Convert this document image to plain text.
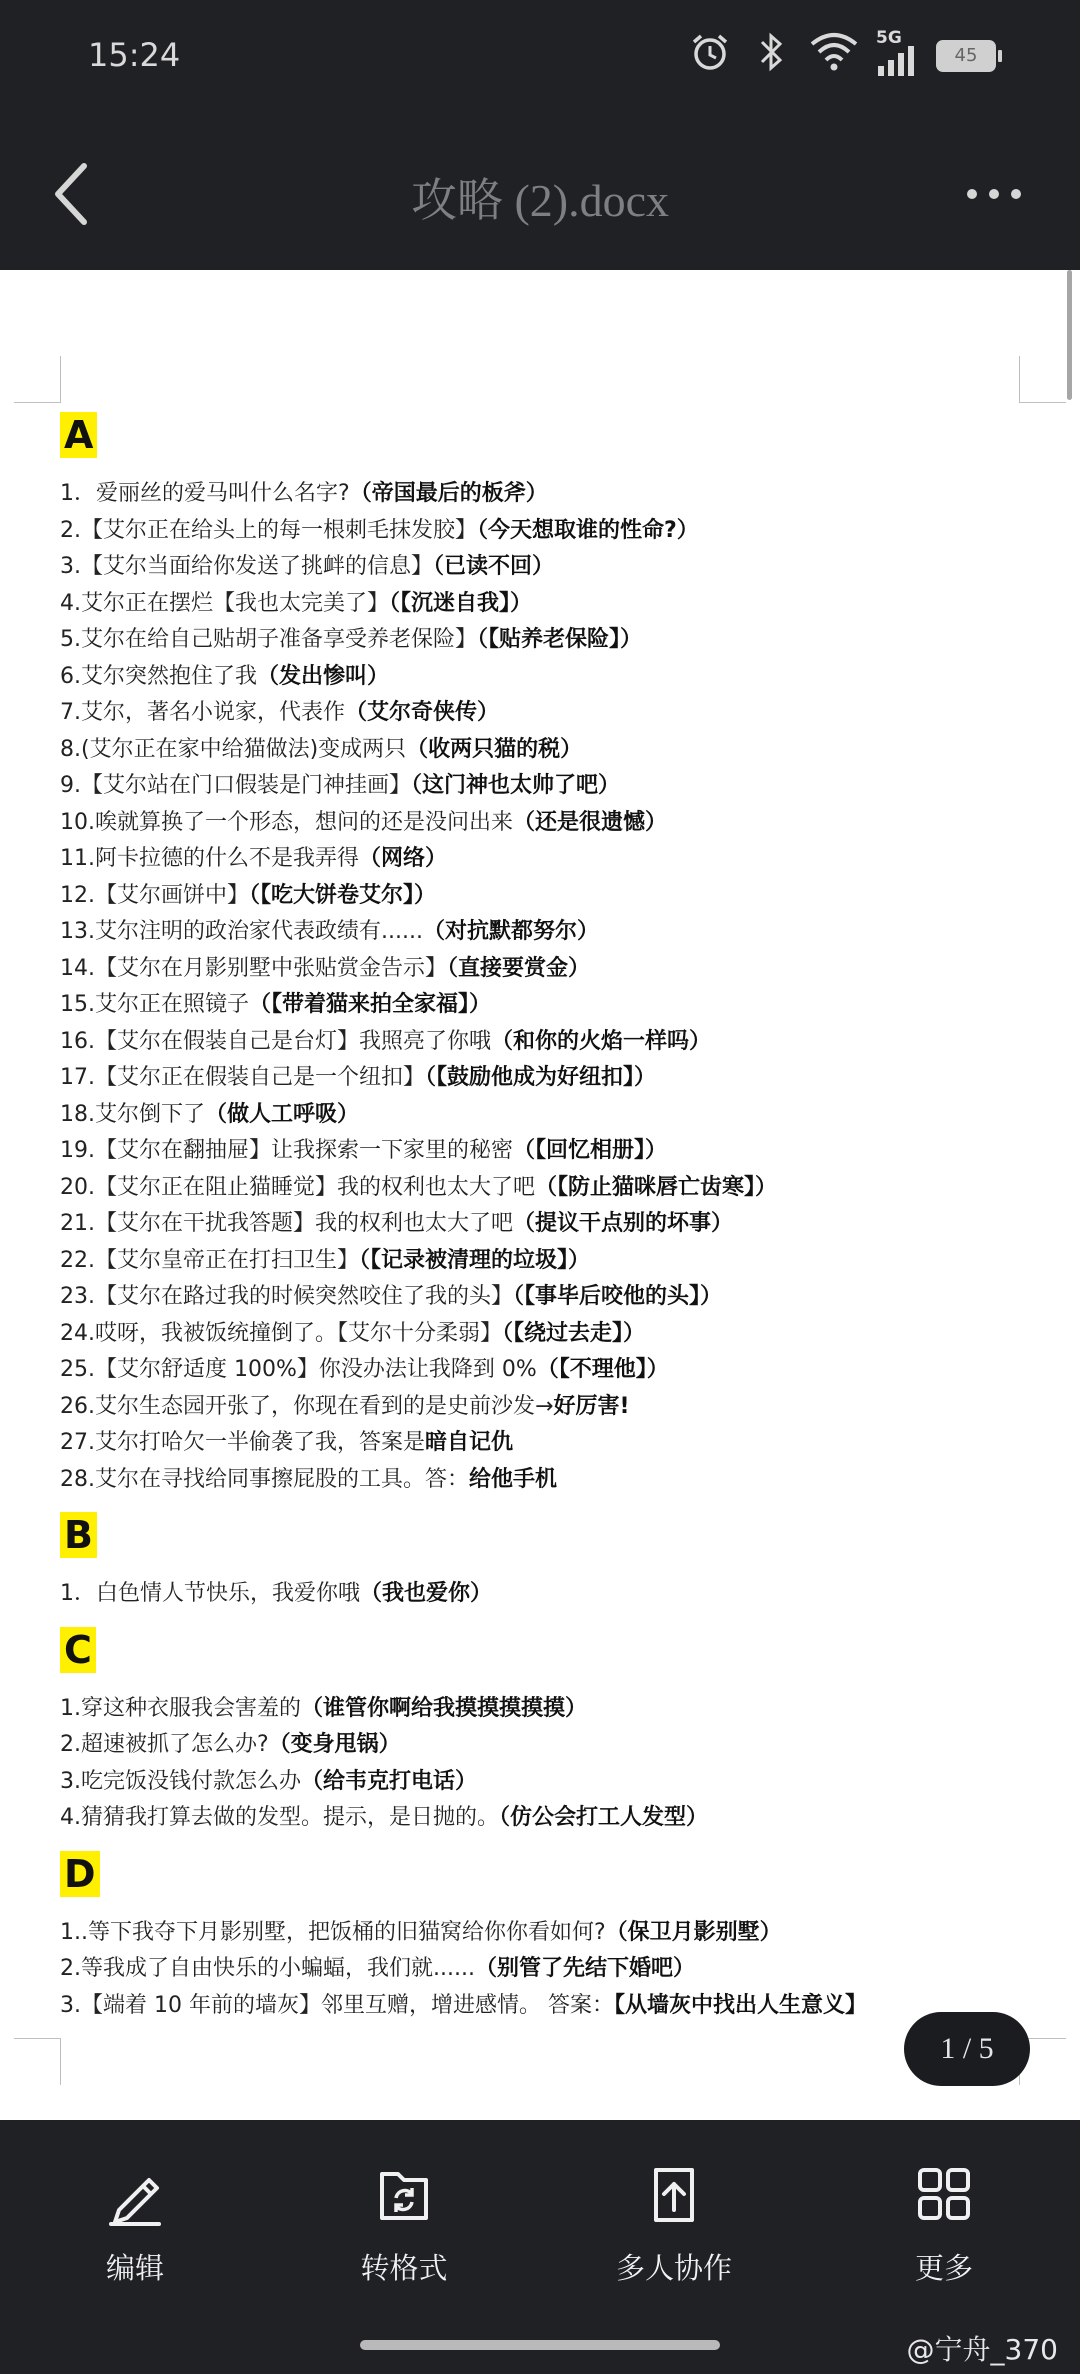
15:24	5G
45
攻略 (2).docx
A
1．爱丽丝的爱马叫什么名字?（帝国最后的板斧）
2.【艾尔正在给头上的每一根刺毛抹发胶】（今天想取谁的性命?）
3.【艾尔当面给你发送了挑衅的信息】（已读不回）
4.艾尔正在摆烂【我也太完美了】（【沉迷自我】）
5.艾尔在给自己贴胡子准备享受养老保险】（【贴养老保险】）
6.艾尔突然抱住了我（发出惨叫）
7.艾尔，著名小说家，代表作（艾尔奇侠传）
8.(艾尔正在家中给猫做法)变成两只（收两只猫的税）
9.【艾尔站在门口假装是门神挂画】（这门神也太帅了吧）
10.唉就算换了一个形态，想问的还是没问出来（还是很遗憾）
11.阿卡拉德的什么不是我弄得（网络）
12.【艾尔画饼中】（【吃大饼卷艾尔】）
13.艾尔注明的政治家代表政绩有......（对抗默都努尔）
14.【艾尔在月影别墅中张贴赏金告示】（直接要赏金）
15.艾尔正在照镜子（【带着猫来拍全家福】）
16.【艾尔在假装自己是台灯】我照亮了你哦（和你的火焰一样吗）
17.【艾尔正在假装自己是一个纽扣】（【鼓励他成为好纽扣】）
18.艾尔倒下了（做人工呼吸）
19.【艾尔在翻抽屉】让我探索一下家里的秘密（【回忆相册】）
20.【艾尔正在阻止猫睡觉】我的权利也太大了吧（【防止猫咪唇亡齿寒】）
21.【艾尔在干扰我答题】我的权利也太大了吧（提议干点别的坏事）
22.【艾尔皇帝正在打扫卫生】（【记录被清理的垃圾】）
23.【艾尔在路过我的时候突然咬住了我的头】（【事毕后咬他的头】）
24.哎呀，我被饭统撞倒了。【艾尔十分柔弱】（【绕过去走】）
25.【艾尔舒适度 100%】你没办法让我降到 0%（【不理他】）
26.艾尔生态园开张了，你现在看到的是史前沙发→好厉害!
27.艾尔打哈欠一半偷袭了我，答案是暗自记仇
28.艾尔在寻找给同事擦屁股的工具。答：给他手机
B
1．白色情人节快乐，我爱你哦（我也爱你）
C
1.穿这种衣服我会害羞的（谁管你啊给我摸摸摸摸摸）
2.超速被抓了怎么办?（变身甩锅）
3.吃完饭没钱付款怎么办（给韦克打电话）
4.猜猜我打算去做的发型。提示，是日抛的。（仿公会打工人发型）
D
1..等下我夺下月影别墅，把饭桶的旧猫窝给你你看如何?（保卫月影别墅）
2.等我成了自由快乐的小蝙蝠，我们就......（别管了先结下婚吧）
3.【端着 10 年前的墙灰】邻里互赠，增进感情。 答案：【从墙灰中找出人生意义】
1 / 5
编辑	转格式	多人协作	更多
@宁舟_370
